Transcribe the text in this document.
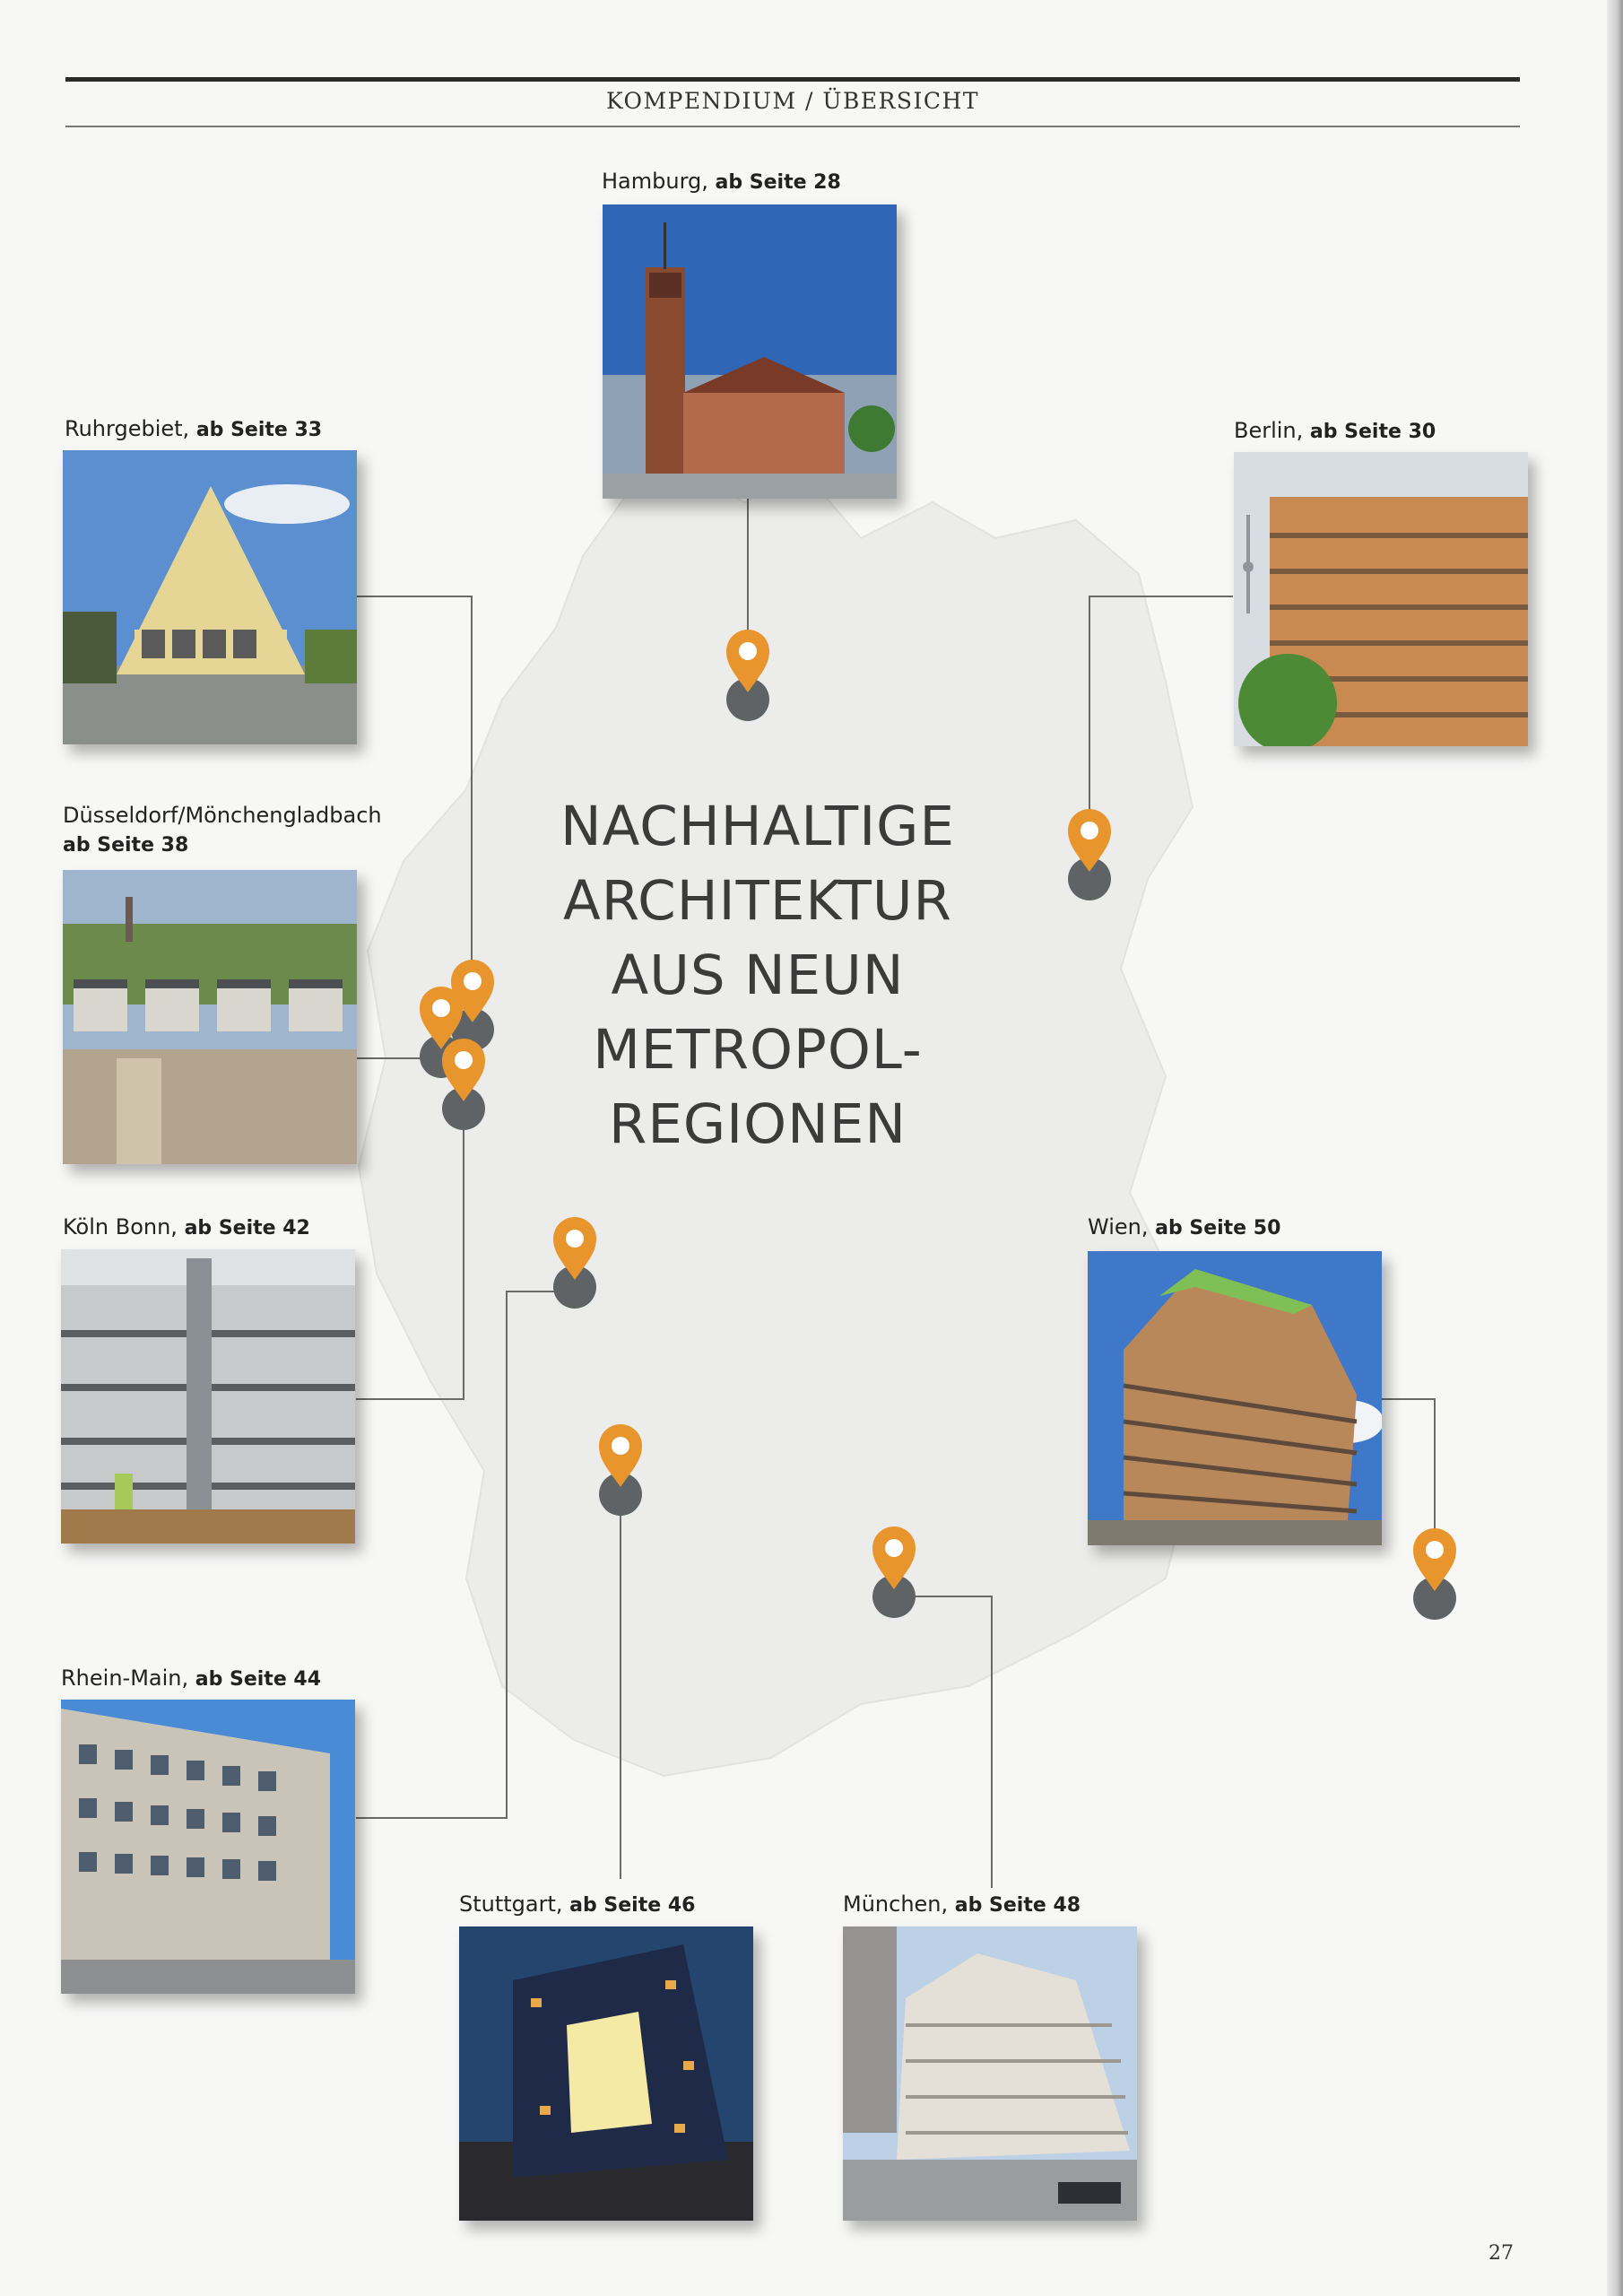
KOMPENDIUM / ÜBERSICHT
NACHHALTIGE
ARCHITEKTUR
AUS NEUN
METROPOL-
REGIONEN
Hamburg, ab Seite 28
Ruhrgebiet, ab Seite 33	Berlin, ab Seite 30
Düsseldorf/Mönchengladbach
ab Seite 38
Köln Bonn, ab Seite 42	Wien, ab Seite 50
Rhein-Main, ab Seite 44
Stuttgart, ab Seite 46	München, ab Seite 48
27
